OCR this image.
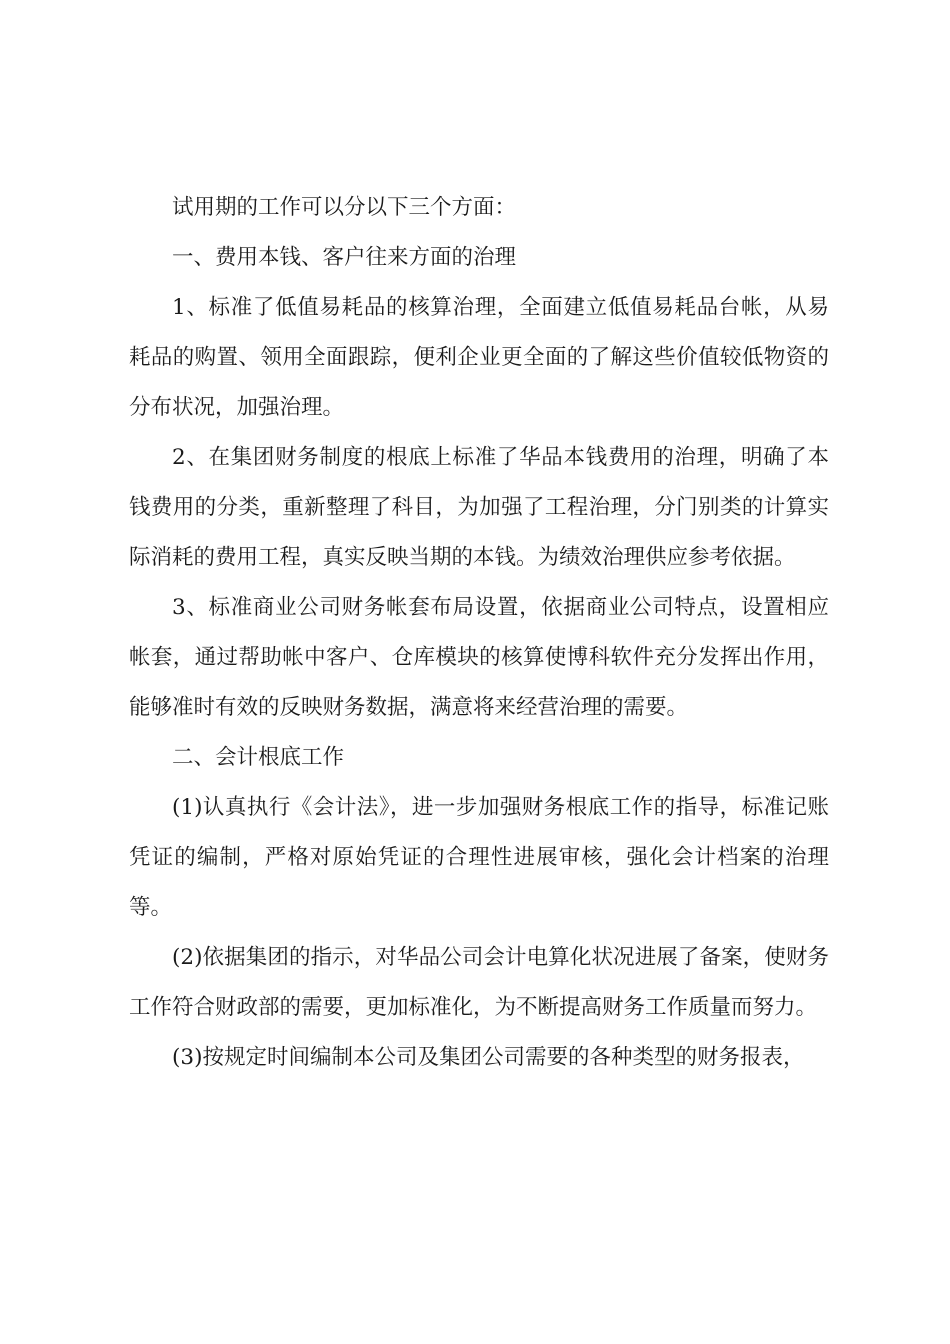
试用期的工作可以分以下三个方面：

一、费用本钱、客户往来方面的治理

1、标准了低值易耗品的核算治理，全面建立低值易耗品台帐，从易耗品的购置、领用全面跟踪，便利企业更全面的了解这些价值较低物资的分布状况，加强治理。

2、在集团财务制度的根底上标准了华品本钱费用的治理，明确了本钱费用的分类，重新整理了科目，为加强了工程治理，分门别类的计算实际消耗的费用工程，真实反映当期的本钱。为绩效治理供应参考依据。

3、标准商业公司财务帐套布局设置，依据商业公司特点，设置相应帐套，通过帮助帐中客户、仓库模块的核算使博科软件充分发挥出作用，能够准时有效的反映财务数据，满意将来经营治理的需要。

二、会计根底工作

(1)认真执行《会计法》，进一步加强财务根底工作的指导，标准记账凭证的编制，严格对原始凭证的合理性进展审核，强化会计档案的治理等。

(2)依据集团的指示，对华品公司会计电算化状况进展了备案，使财务工作符合财政部的需要，更加标准化，为不断提高财务工作质量而努力。

(3)按规定时间编制本公司及集团公司需要的各种类型的财务报表，
